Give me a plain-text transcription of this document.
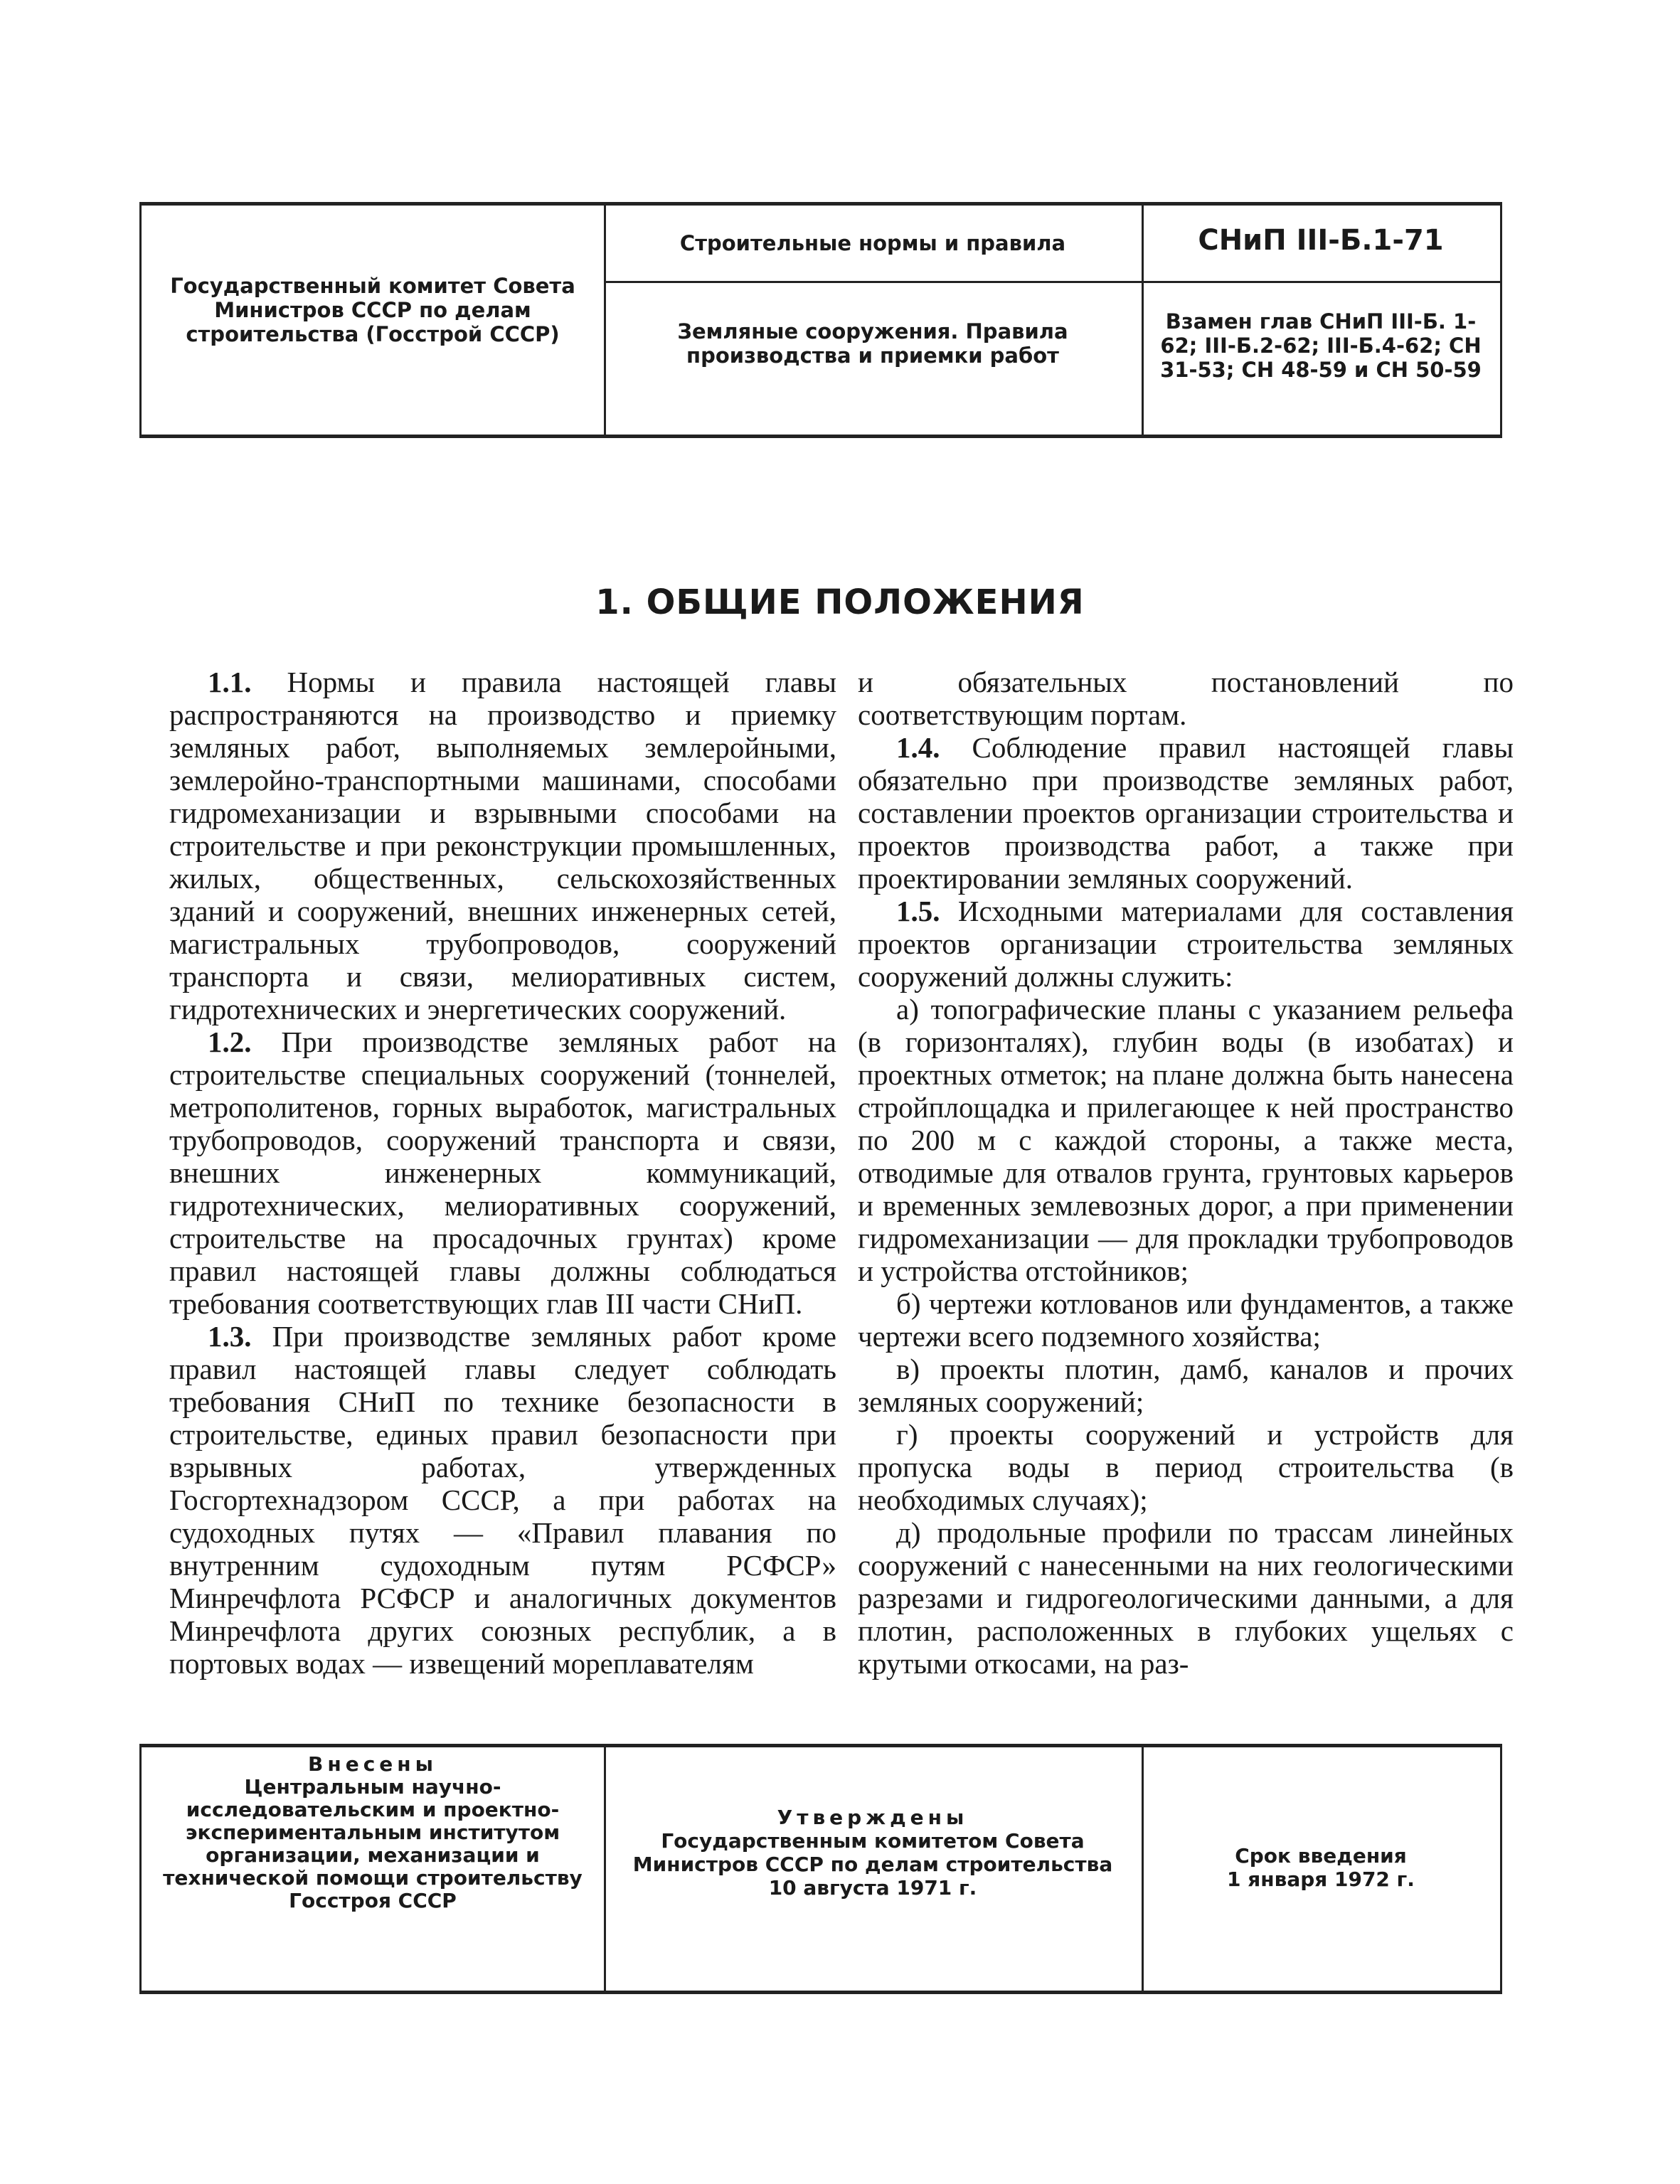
Государственный комитет Совета Министров СССР по делам строительства (Госстрой СССР)
Строительные нормы и правила
Земляные сооружения. Правила производства и приемки работ
СНиП III-Б.1-71
Взамен глав СНиП III-Б. 1-62; III-Б.2-62; III-Б.4-62; СН 31-53; СН 48-59 и СН 50-59
1. ОБЩИЕ ПОЛОЖЕНИЯ

1.1. Нормы и правила настоящей главы распространяются на производство и приемку земляных работ, выполняемых землеройными, землеройно-транспортными машинами, способами гидромеханизации и взрывными способами на строительстве и при реконструкции промышленных, жилых, общественных, сельскохозяйственных зданий и сооружений, внешних инженерных сетей, магистральных трубопроводов, сооружений транспорта и связи, мелиоративных систем, гидротехнических и энергетических сооружений.

1.2. При производстве земляных работ на строительстве специальных сооружений (тоннелей, метрополитенов, горных выработок, магистральных трубопроводов, сооружений транспорта и связи, внешних инженерных коммуникаций, гидротехнических, мелиоративных сооружений, строительстве на просадочных грунтах) кроме правил настоящей главы должны соблюдаться требования соответствующих глав III части СНиП.

1.3. При производстве земляных работ кроме правил настоящей главы следует соблюдать требования СНиП по технике безопасности в строительстве, единых правил безопасности при взрывных работах, утвержденных Госгортехнадзором СССР, а при работах на судоходных путях — «Правил плавания по внутренним судоходным путям РСФСР» Минречфлота РСФСР и аналогичных документов Минречфлота других союзных республик, а в портовых водах — извещений мореплавателям

и обязательных постановлений по соответствующим портам.

1.4. Соблюдение правил настоящей главы обязательно при производстве земляных работ, составлении проектов организации строительства и проектов производства работ, а также при проектировании земляных сооружений.

1.5. Исходными материалами для составления проектов организации строительства земляных сооружений должны служить:

а) топографические планы с указанием рельефа (в горизонталях), глубин воды (в изобатах) и проектных отметок; на плане должна быть нанесена стройплощадка и прилегающее к ней пространство по 200 м с каждой стороны, а также места, отводимые для отвалов грунта, грунтовых карьеров и временных землевозных дорог, а при применении гидромеханизации — для прокладки трубопроводов и устройства отстойников;

б) чертежи котлованов или фундаментов, а также чертежи всего подземного хозяйства;

в) проекты плотин, дамб, каналов и прочих земляных сооружений;

г) проекты сооружений и устройств для пропуска воды в период строительства (в необходимых случаях);

д) продольные профили по трассам линейных сооружений с нанесенными на них геологическими разрезами и гидрогеологическими данными, а для плотин, расположенных в глубоких ущельях с крутыми откосами, на раз-

Внесены
Центральным научно-исследовательским и проектно-экспериментальным институтом организации, механизации и технической помощи строительству Госстроя СССР
Утверждены
Государственным комитетом Совета Министров СССР по делам строительства 10 августа 1971 г.
Срок введения
1 января 1972 г.
